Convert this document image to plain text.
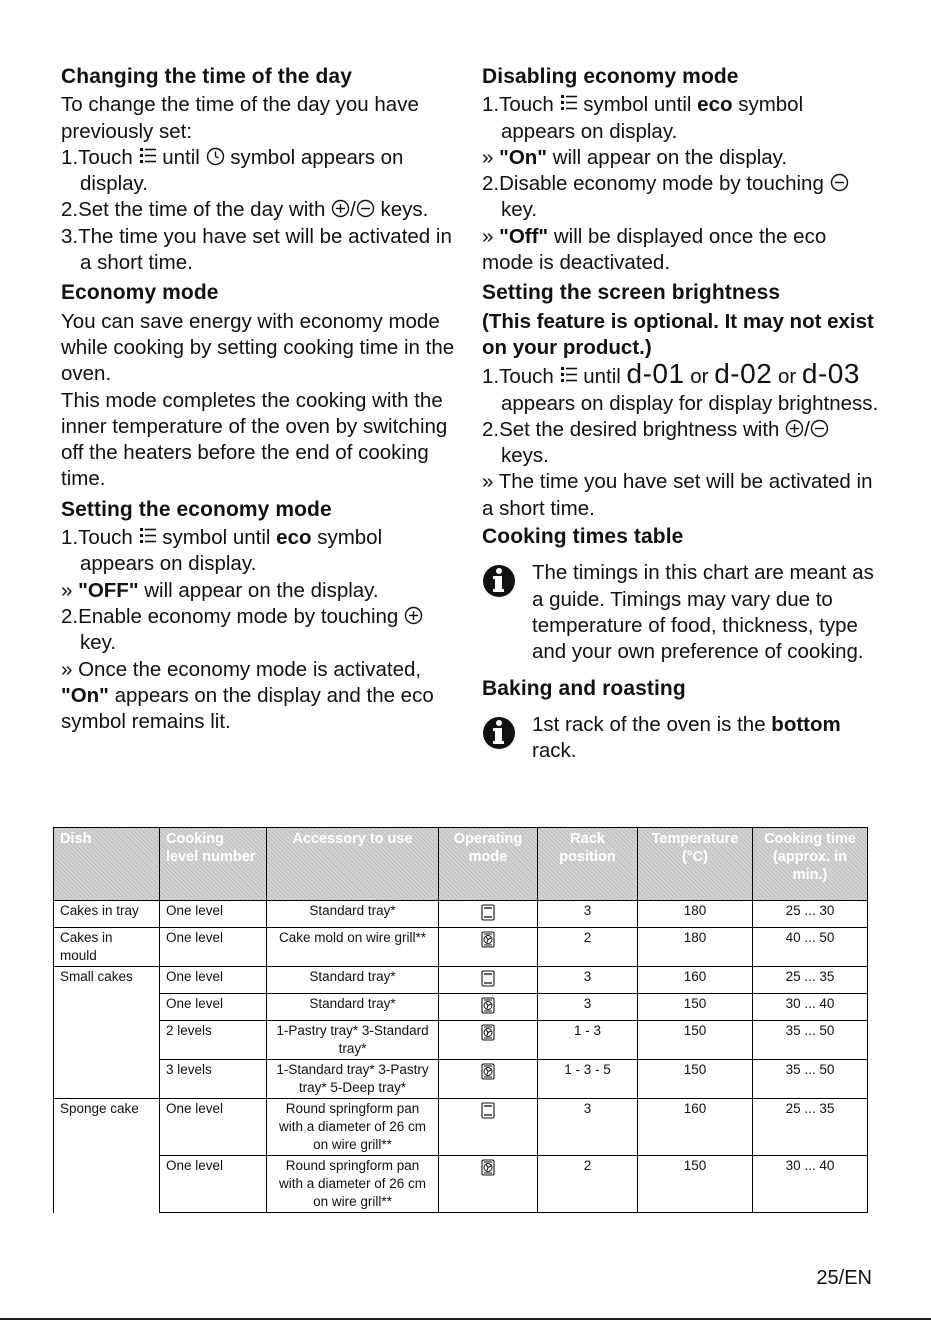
Changing the time of the day

To change the time of the day you have previously set:

1.Touch until symbol appears on display.

2.Set the time of the day with / keys.

3.The time you have set will be activated in a short time.

Economy mode

You can save energy with economy mode while cooking by setting cooking time in the oven.

This mode completes the cooking with the inner temperature of the oven by switching off the heaters before the end of cooking time.

Setting the economy mode

1.Touch symbol until eco symbol appears on display.

» "OFF" will appear on the display.

2.Enable economy mode by touching  key.

» Once the economy mode is activated,
"On" appears on the display and the eco symbol remains lit.

Disabling economy mode

1.Touch symbol until eco symbol appears on display.

» "On" will appear on the display.

2.Disable economy mode by touching  key.

» "Off" will be displayed once the eco mode is deactivated.

Setting the screen brightness

(This feature is optional. It may not exist on your product.)

1.Touch until d-01 or d-02 or d-03 appears on display for display brightness.

2.Set the desired brightness with / keys.

» The time you have set will be activated in a short time.

Cooking times table
The timings in this chart are meant as a guide. Timings may vary due to temperature of food, thickness, type and your own preference of cooking.
Baking and roasting
1st rack of the oven is the bottom rack.
Dish	Cooking level number	Accessory to use	Operating mode	Rack position	Temperature (°C)	Cooking time (approx. in min.)
Cakes in tray	One level	Standard tray*		3	180	25 ... 30
Cakes in mould	One level	Cake mold on wire grill**		2	180	40 ... 50
Small cakes	One level	Standard tray*		3	160	25 ... 35
	One level	Standard tray*		3	150	30 ... 40
	2 levels	1-Pastry tray* 3-Standard tray*		1 - 3	150	35 ... 50
	3 levels	1-Standard tray* 3-Pastry tray* 5-Deep tray*		1 - 3 - 5	150	35 ... 50
Sponge cake	One level	Round springform pan with a diameter of 26 cm on wire grill**		3	160	25 ... 35
	One level	Round springform pan with a diameter of 26 cm on wire grill**		2	150	30 ... 40
25/EN
